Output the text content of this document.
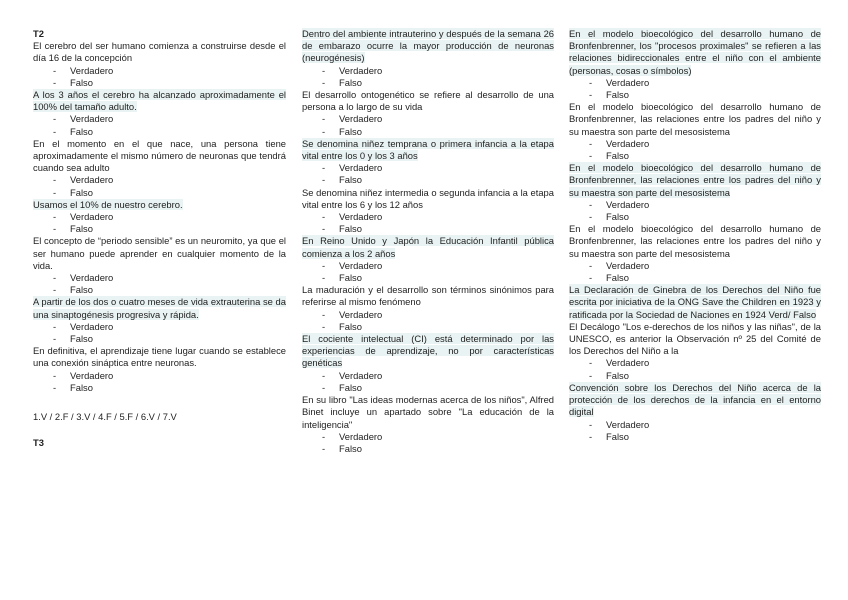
T2
El cerebro del ser humano comienza a construirse desde el día 16 de la concepción
- Verdadero
- Falso
A los 3 años el cerebro ha alcanzado aproximadamente el 100% del tamaño adulto.
- Verdadero
- Falso
En el momento en el que nace, una persona tiene aproximadamente el mismo número de neuronas que tendrá cuando sea adulto
- Verdadero
- Falso
Usamos el 10% de nuestro cerebro.
- Verdadero
- Falso
El concepto de “periodo sensible” es un neuromito, ya que el ser humano puede aprender en cualquier momento de la vida.
- Verdadero
- Falso
A partir de los dos o cuatro meses de vida extrauterina se da una sinaptogénesis progresiva y rápida.
- Verdadero
- Falso
En definitiva, el aprendizaje tiene lugar cuando se establece una conexión sináptica entre neuronas.
- Verdadero
- Falso
1.V / 2.F / 3.V / 4.F / 5.F / 6.V / 7.V
T3
Dentro del ambiente intrauterino y después de la semana 26 de embarazo ocurre la mayor producción de neuronas (neurogénesis)
- Verdadero
- Falso
El desarrollo ontogenético se refiere al desarrollo de una persona a lo largo de su vida
- Verdadero
- Falso
Se denomina niñez temprana o primera infancia a la etapa vital entre los 0 y los 3 años
- Verdadero
- Falso
Se denomina niñez intermedia o segunda infancia a la etapa vital entre los 6 y los 12 años
- Verdadero
- Falso
En Reino Unido y Japón la Educación Infantil pública comienza a los 2 años
- Verdadero
- Falso
La maduración y el desarrollo son términos sinónimos para referirse al mismo fenómeno
- Verdadero
- Falso
El cociente intelectual (CI) está determinado por las experiencias de aprendizaje, no por características genéticas
- Verdadero
- Falso
En su libro "Las ideas modernas acerca de los niños", Alfred Binet incluye un apartado sobre "La educación de la inteligencia"
- Verdadero
- Falso
En el modelo bioecológico del desarrollo humano de Bronfenbrenner, los "procesos proximales" se refieren a las relaciones bidireccionales entre el niño con el ambiente (personas, cosas o símbolos)
- Verdadero
- Falso
En el modelo bioecológico del desarrollo humano de Bronfenbrenner, las relaciones entre los padres del niño y su maestra son parte del mesosistema
- Verdadero
- Falso
En el modelo bioecológico del desarrollo humano de Bronfenbrenner, las relaciones entre los padres del niño y su maestra son parte del mesosistema
- Verdadero
- Falso
En el modelo bioecológico del desarrollo humano de Bronfenbrenner, las relaciones entre los padres del niño y su maestra son parte del mesosistema
- Verdadero
- Falso
La Declaración de Ginebra de los Derechos del Niño fue escrita por iniciativa de la ONG Save the Children en 1923 y ratificada por la Sociedad de Naciones en 1924 Verd/ Falso
El Decálogo "Los e-derechos de los niños y las niñas", de la UNESCO, es anterior la Observación nº 25 del Comité de los Derechos del Niño a la
- Verdadero
- Falso
Convención sobre los Derechos del Niño acerca de la protección de los derechos de la infancia en el entorno digital
- Verdadero
- Falso
